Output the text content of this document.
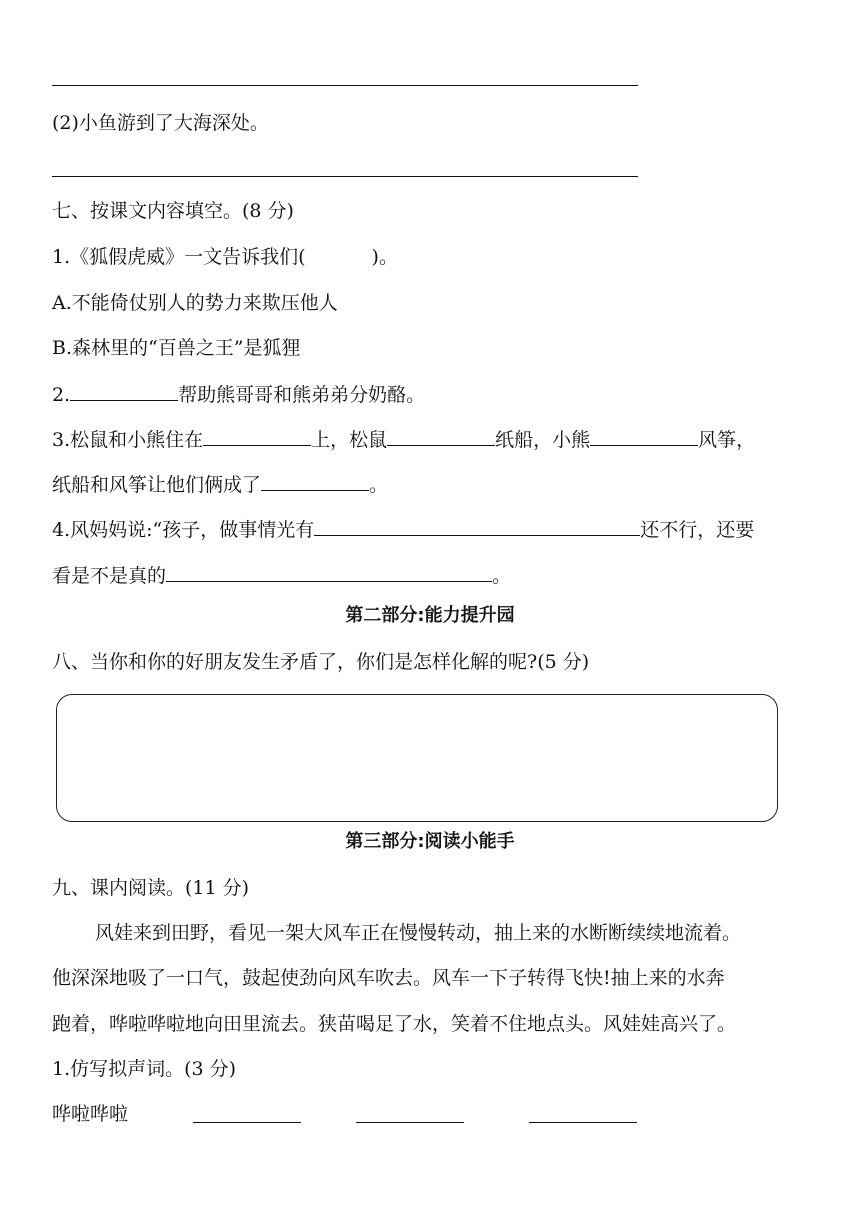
(2)小鱼游到了大海深处。
七、按课文内容填空。(8 分)
1.《狐假虎威》一文告诉我们(	)。
A.不能倚仗别人的势力来欺压他人
B.森林里的“百兽之王”是狐狸
2.	帮助熊哥哥和熊弟弟分奶酪。
3.松鼠和小熊住在	上，松鼠	纸船，小熊	风筝，
纸船和风筝让他们俩成了	。
4.风妈妈说:“孩子，做事情光有	还不行，还要
看是不是真的	。
第二部分:能力提升园
八、当你和你的好朋友发生矛盾了，你们是怎样化解的呢?(5 分)
第三部分:阅读小能手
九、课内阅读。(11 分)
风娃来到田野，看见一架大风车正在慢慢转动，抽上来的水断断续续地流着。
他深深地吸了一口气，鼓起使劲向风车吹去。风车一下子转得飞快!抽上来的水奔
跑着，哗啦哗啦地向田里流去。狭苗喝足了水，笑着不住地点头。风娃娃高兴了。
1.仿写拟声词。(3 分)
哗啦哗啦
